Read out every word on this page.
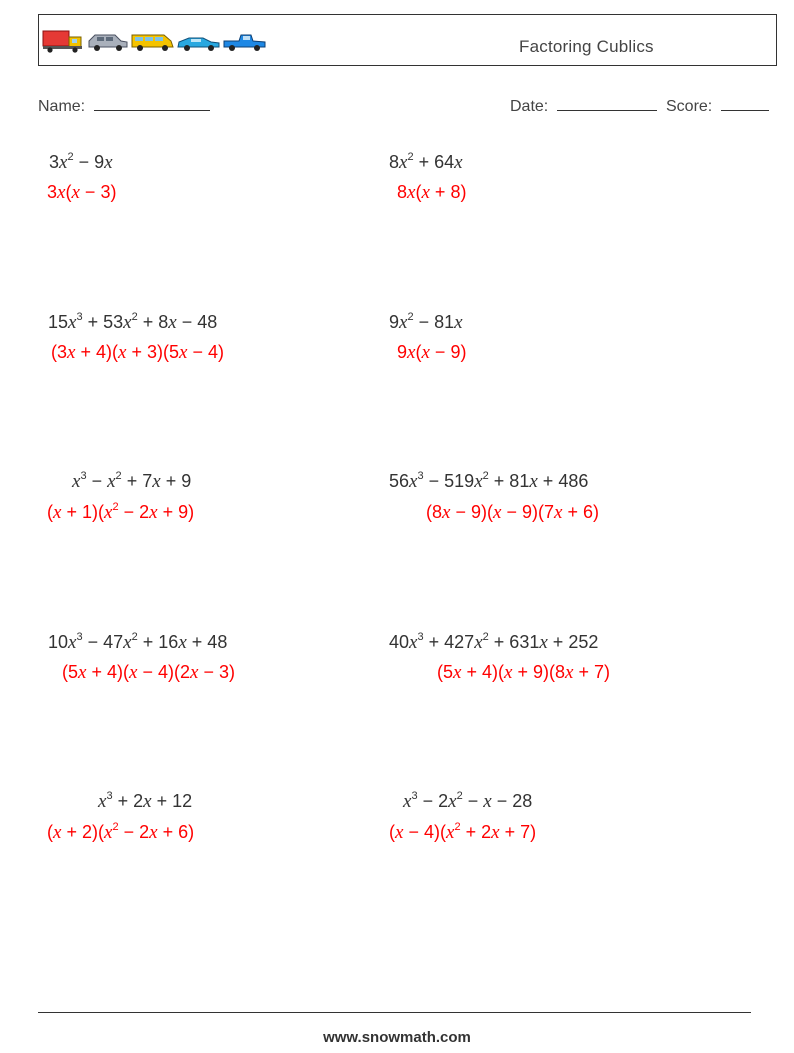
Factoring Cublics
Name:	Date:	Score:
$3x^2 - 9x$
3x(x − 3)
$8x^2 + 64x$
8x(x + 8)
$15x^3 + 53x^2 + 8x - 48$
(3x + 4)(x + 3)(5x − 4)
$9x^2 - 81x$
9x(x − 9)
$x^3 - x^2 + 7x + 9$
$(x + 1)(x^2 - 2x + 9)$
$56x^3 - 519x^2 + 81x + 486$
(8x − 9)(x − 9)(7x + 6)
$10x^3 - 47x^2 + 16x + 48$
(5x + 4)(x − 4)(2x − 3)
$40x^3 + 427x^2 + 631x + 252$
(5x + 4)(x + 9)(8x + 7)
$x^3 + 2x + 12$
$(x + 2)(x^2 - 2x + 6)$
$x^3 - 2x^2 - x - 28$
$(x - 4)(x^2 + 2x + 7)$
www.snowmath.com
